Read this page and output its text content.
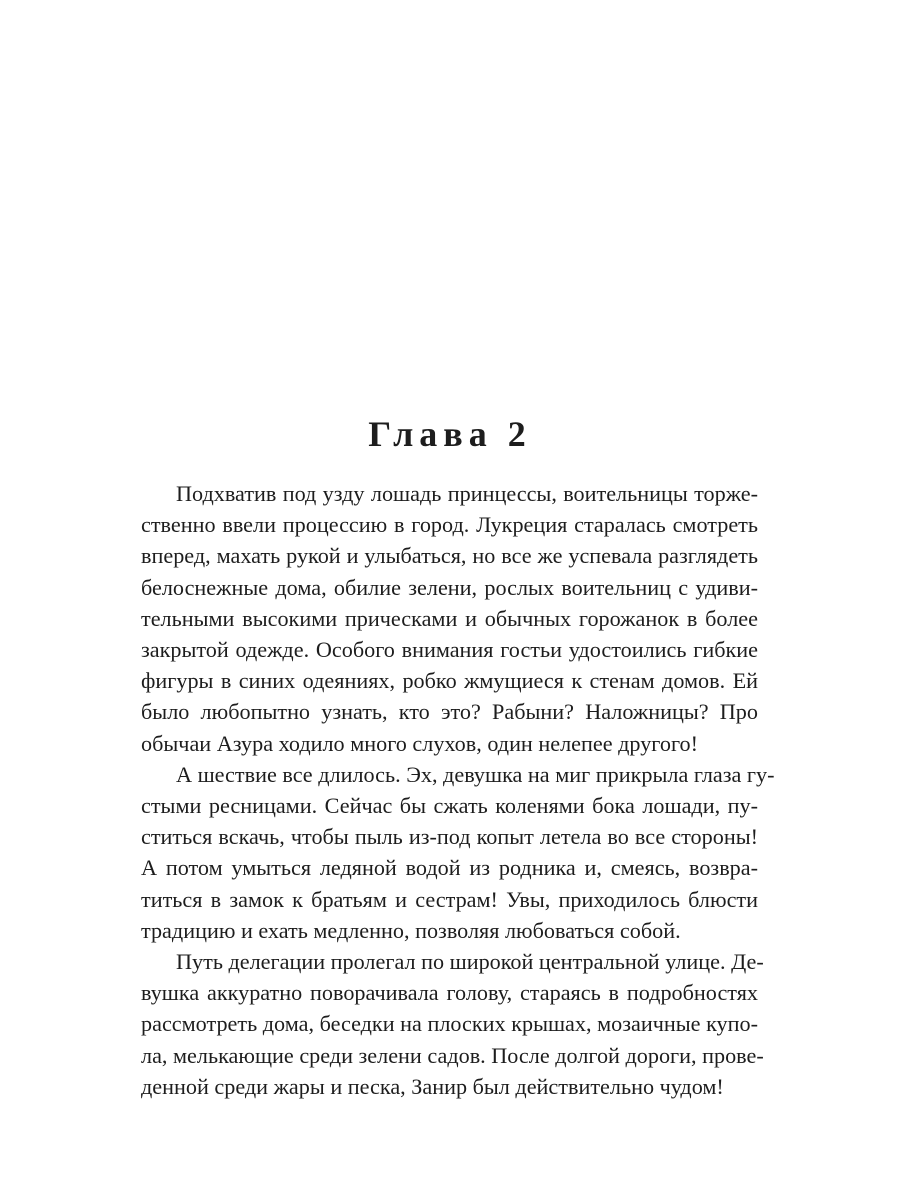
Глава 2

Подхватив под узду лошадь принцессы, воительницы торже-
ственно ввели процессию в город. Лукреция старалась смотреть
вперед, махать рукой и улыбаться, но все же успевала разглядеть
белоснежные дома, обилие зелени, рослых воительниц с удиви-
тельными высокими прическами и обычных горожанок в более
закрытой одежде. Особого внимания гостьи удостоились гибкие
фигуры в синих одеяниях, робко жмущиеся к стенам домов. Ей
было любопытно узнать, кто это? Рабыни? Наложницы? Про
обычаи Азура ходило много слухов, один нелепее другого!

А шествие все длилось. Эх, девушка на миг прикрыла глаза гу-
стыми ресницами. Сейчас бы сжать коленями бока лошади, пу-
ститься вскачь, чтобы пыль из-под копыт летела во все стороны!
А потом умыться ледяной водой из родника и, смеясь, возвра-
титься в замок к братьям и сестрам! Увы, приходилось блюсти
традицию и ехать медленно, позволяя любоваться собой.

Путь делегации пролегал по широкой центральной улице. Де-
вушка аккуратно поворачивала голову, стараясь в подробностях
рассмотреть дома, беседки на плоских крышах, мозаичные купо-
ла, мелькающие среди зелени садов. После долгой дороги, прове-
денной среди жары и песка, Занир был действительно чудом!
